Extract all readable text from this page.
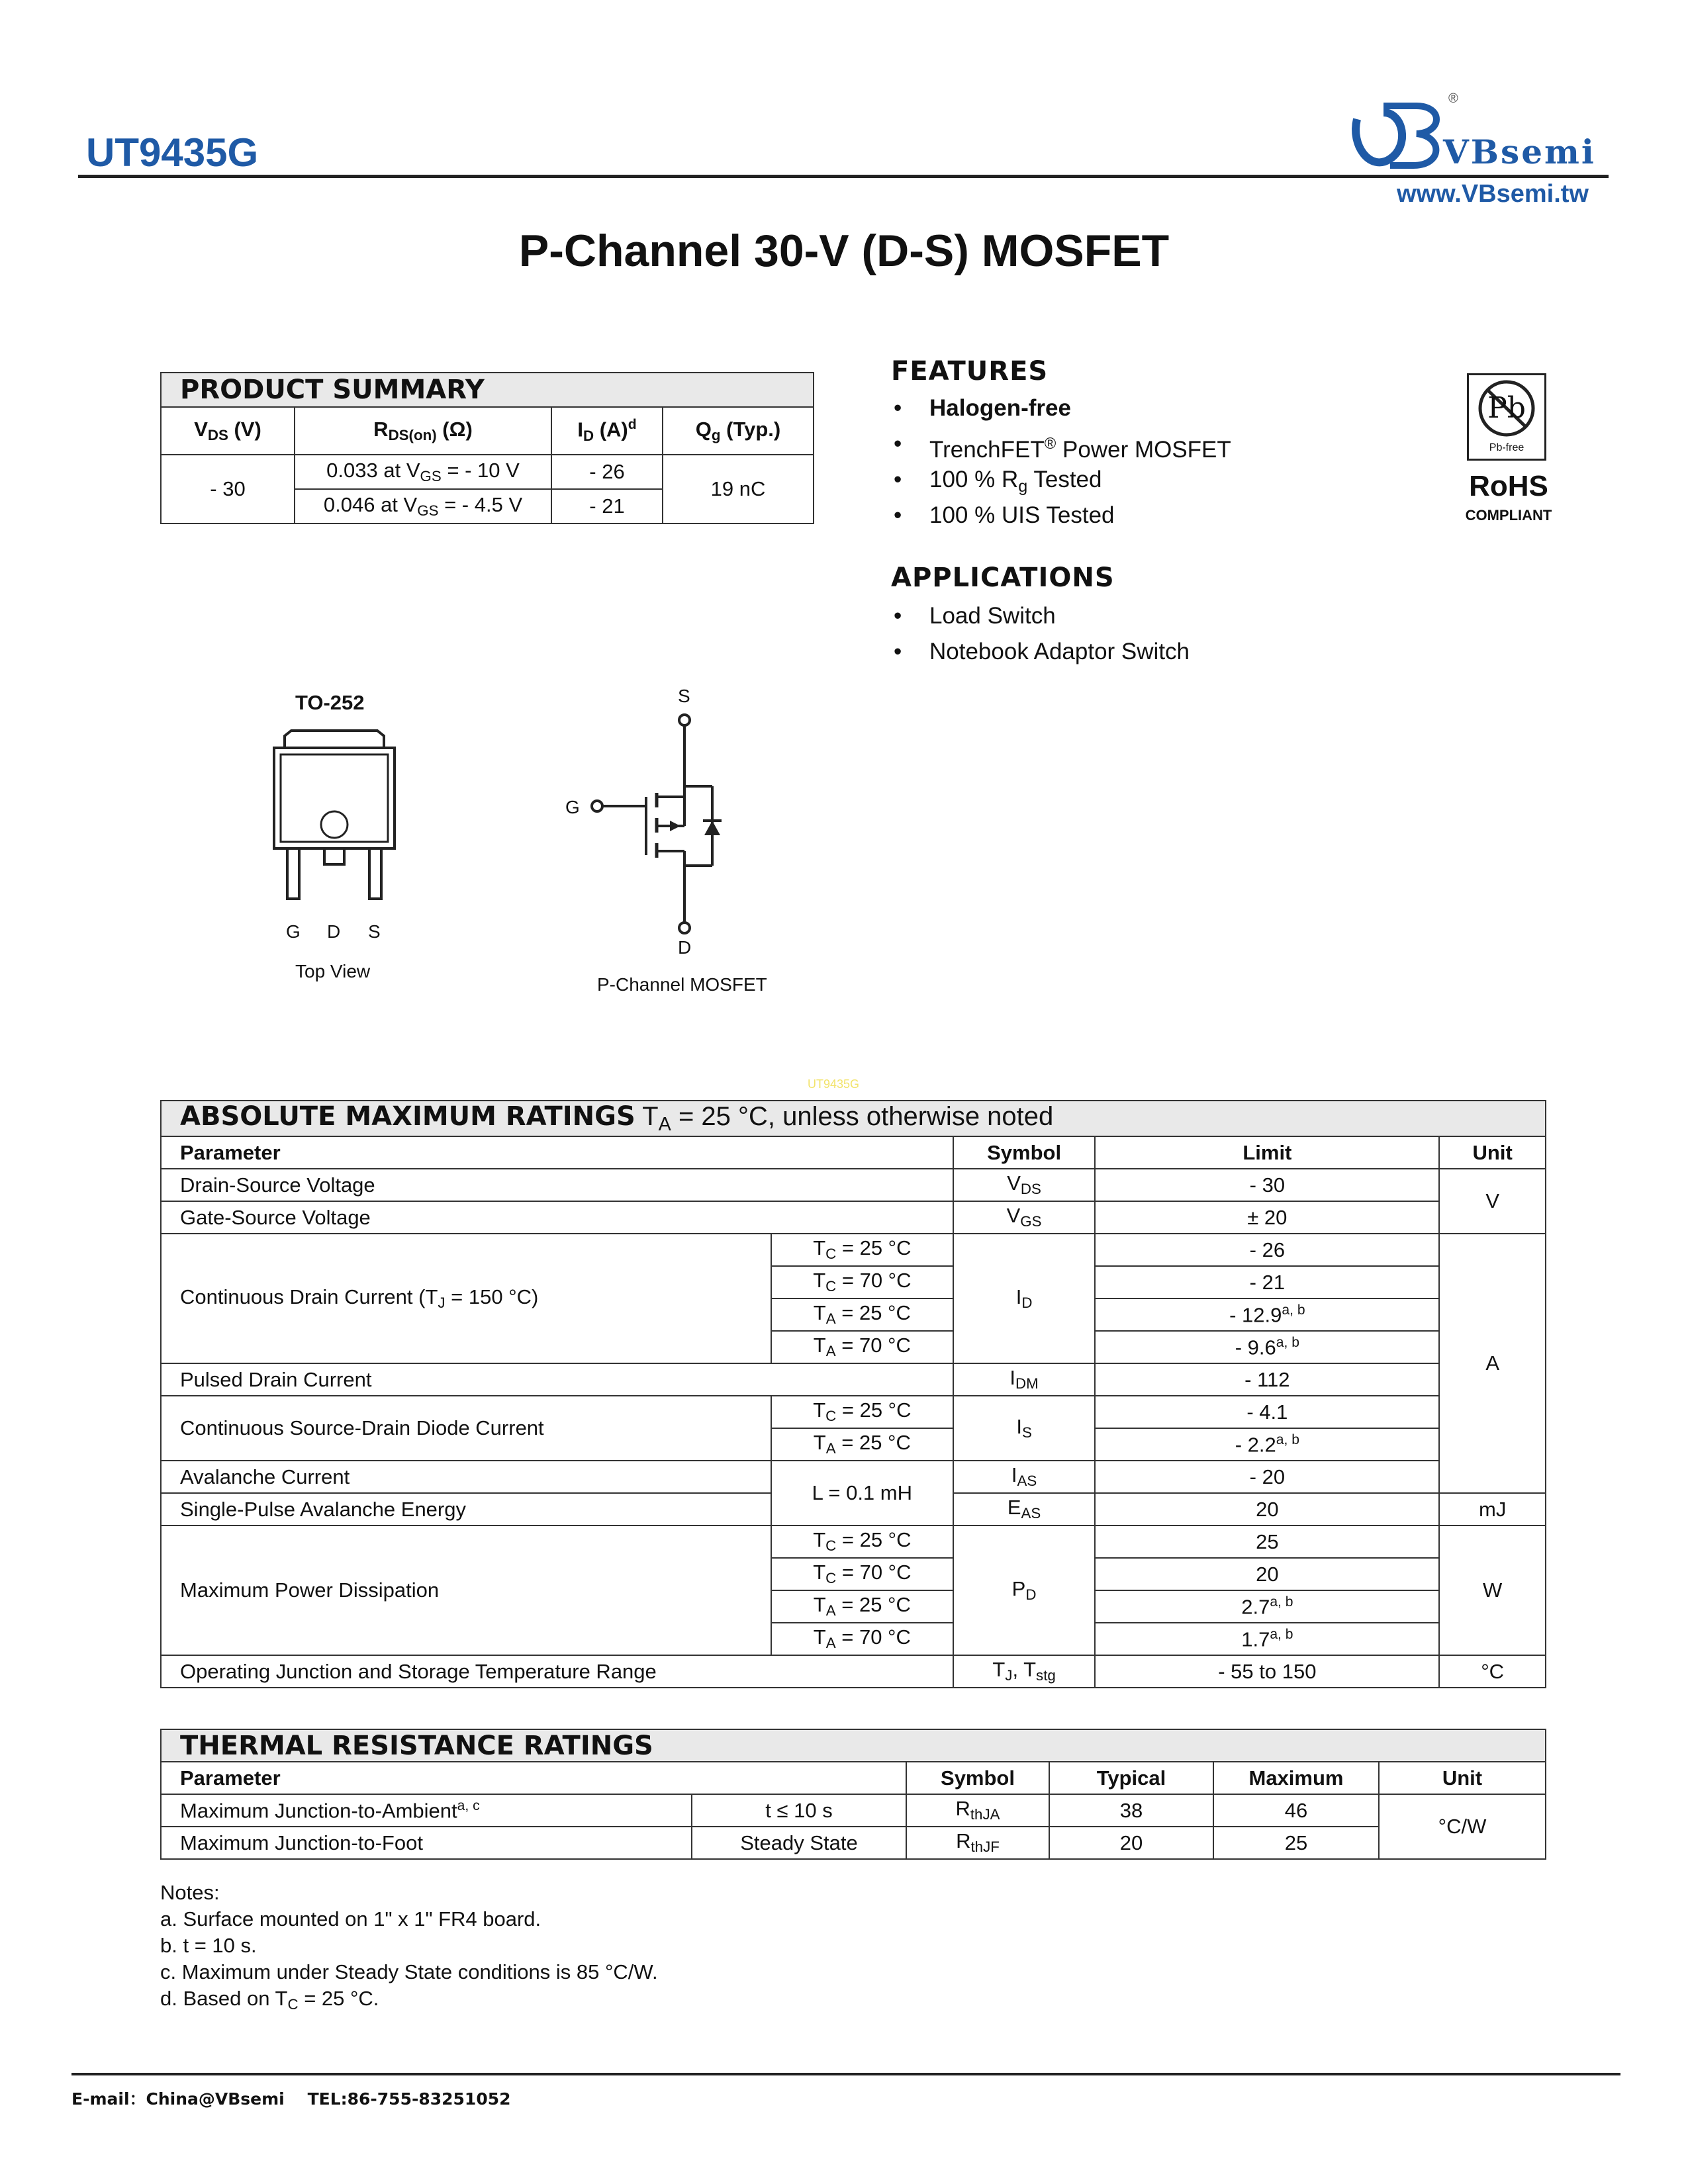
UT9435G
®
VBsemi
www.VBsemi.tw
P-Channel 30-V (D-S) MOSFET
PRODUCT SUMMARY			
$V_{DS}$ (V)	$R_{DS(on)}$ (Ω)	$I_D$ $(A)^d$	$Q_g$ (Typ.)
- 30	0.033 at $V_{GS}$ = - 10 V	- 26	19 nC
	0.046 at $V_{GS}$ = - 4.5 V	- 21	
FEATURES
• Halogen-free
• TrenchFET® Power MOSFET
• 100 % $R_g$ Tested
• 100 % UIS Tested
APPLICATIONS
• Load Switch
• Notebook Adaptor Switch
Pb
Pb-free
RoHS
COMPLIANT
TO-252
G D S
Top View
S
G
D
P-Channel MOSFET
UT9435G
ABSOLUTE MAXIMUM RATINGS $T_A = 25$ °C, unless otherwise noted				
Parameter		Symbol	Limit	Unit
Drain-Source Voltage		$V_{DS}$	- 30	V
Gate-Source Voltage		$V_{GS}$	± 20	
Continuous Drain Current ($T_J = 150$ °C)	$T_C = 25$ °C	$I_D$	- 26	A
	$T_C = 70$ °C		- 21	
	$T_A = 25$ °C		- 12.9$^{a, b}$
	$T_A = 70$ °C		- 9.6$^{a, b}$
Pulsed Drain Current		$I_{DM}$	- 112	
Continuous Source-Drain Diode Current	$T_C = 25$ °C	$I_S$	- 4.1	
	$T_A = 25$ °C		- 2.2$^{a, b}$
Avalanche Current	L = 0.1 mH	$I_{AS}$	- 20	
Single-Pulse Avalanche Energy		$E_{AS}$	20	mJ
Maximum Power Dissipation	$T_C = 25$ °C	$P_D$	25	W
	$T_C = 70$ °C		20	
	$T_A = 25$ °C		2.7$^{a, b}$
	$T_A = 70$ °C		1.7$^{a, b}$
Operating Junction and Storage Temperature Range		$T_J$, $T_{stg}$	- 55 to 150	°C
THERMAL RESISTANCE RATINGS					
Parameter		Symbol	Typical	Maximum	Unit
Maximum Junction-to-Ambient$^{a, c}$	t ≤ 10 s	$R_{thJA}$	38	46	°C/W
Maximum Junction-to-Foot	Steady State	$R_{thJF}$	20	25	
Notes:
a. Surface mounted on 1" x 1" FR4 board.
b. t = 10 s.
c. Maximum under Steady State conditions is 85 °C/W.
d. Based on $T_C = 25$ °C.
E-mail：China@VBsemi    TEL:86-755-83251052
